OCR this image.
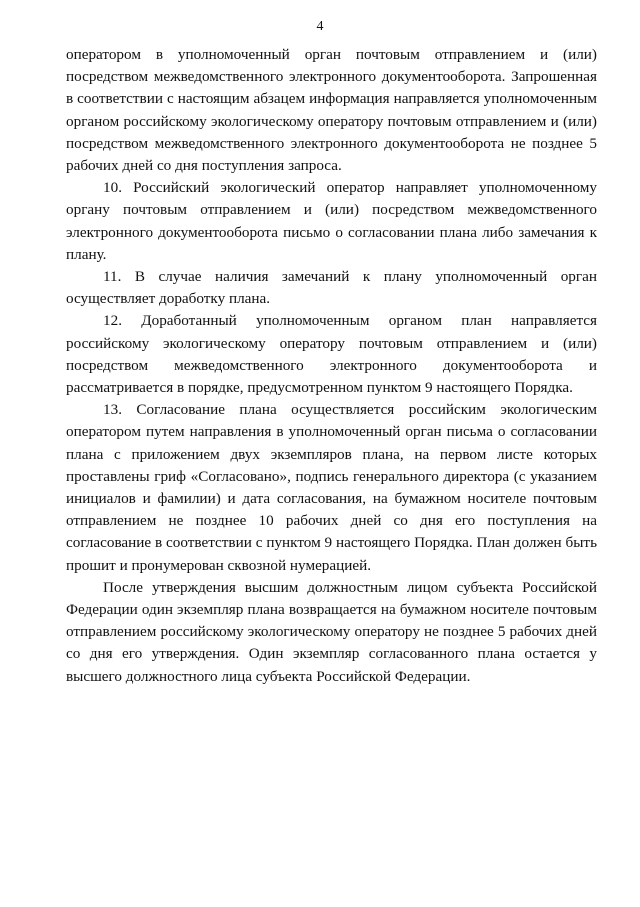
4

оператором в уполномоченный орган почтовым отправлением и (или) посредством межведомственного электронного документооборота. Запрошенная в соответствии с настоящим абзацем информация направляется уполномоченным органом российскому экологическому оператору почтовым отправлением и (или) посредством межведомственного электронного документооборота не позднее 5 рабочих дней со дня поступления запроса.

10. Российский экологический оператор направляет уполномоченному органу почтовым отправлением и (или) посредством межведомственного электронного документооборота письмо о согласовании плана либо замечания к плану.

11. В случае наличия замечаний к плану уполномоченный орган осуществляет доработку плана.

12. Доработанный уполномоченным органом план направляется российскому экологическому оператору почтовым отправлением и (или) посредством межведомственного электронного документооборота и рассматривается в порядке, предусмотренном пунктом 9 настоящего Порядка.

13. Согласование плана осуществляется российским экологическим оператором путем направления в уполномоченный орган письма о согласовании плана с приложением двух экземпляров плана, на первом листе которых проставлены гриф «Согласовано», подпись генерального директора (с указанием инициалов и фамилии) и дата согласования, на бумажном носителе почтовым отправлением не позднее 10 рабочих дней со дня его поступления на согласование в соответствии с пунктом 9 настоящего Порядка. План должен быть прошит и пронумерован сквозной нумерацией.

После утверждения высшим должностным лицом субъекта Российской Федерации один экземпляр плана возвращается на бумажном носителе почтовым отправлением российскому экологическому оператору не позднее 5 рабочих дней со дня его утверждения. Один экземпляр согласованного плана остается у высшего должностного лица субъекта Российской Федерации.
